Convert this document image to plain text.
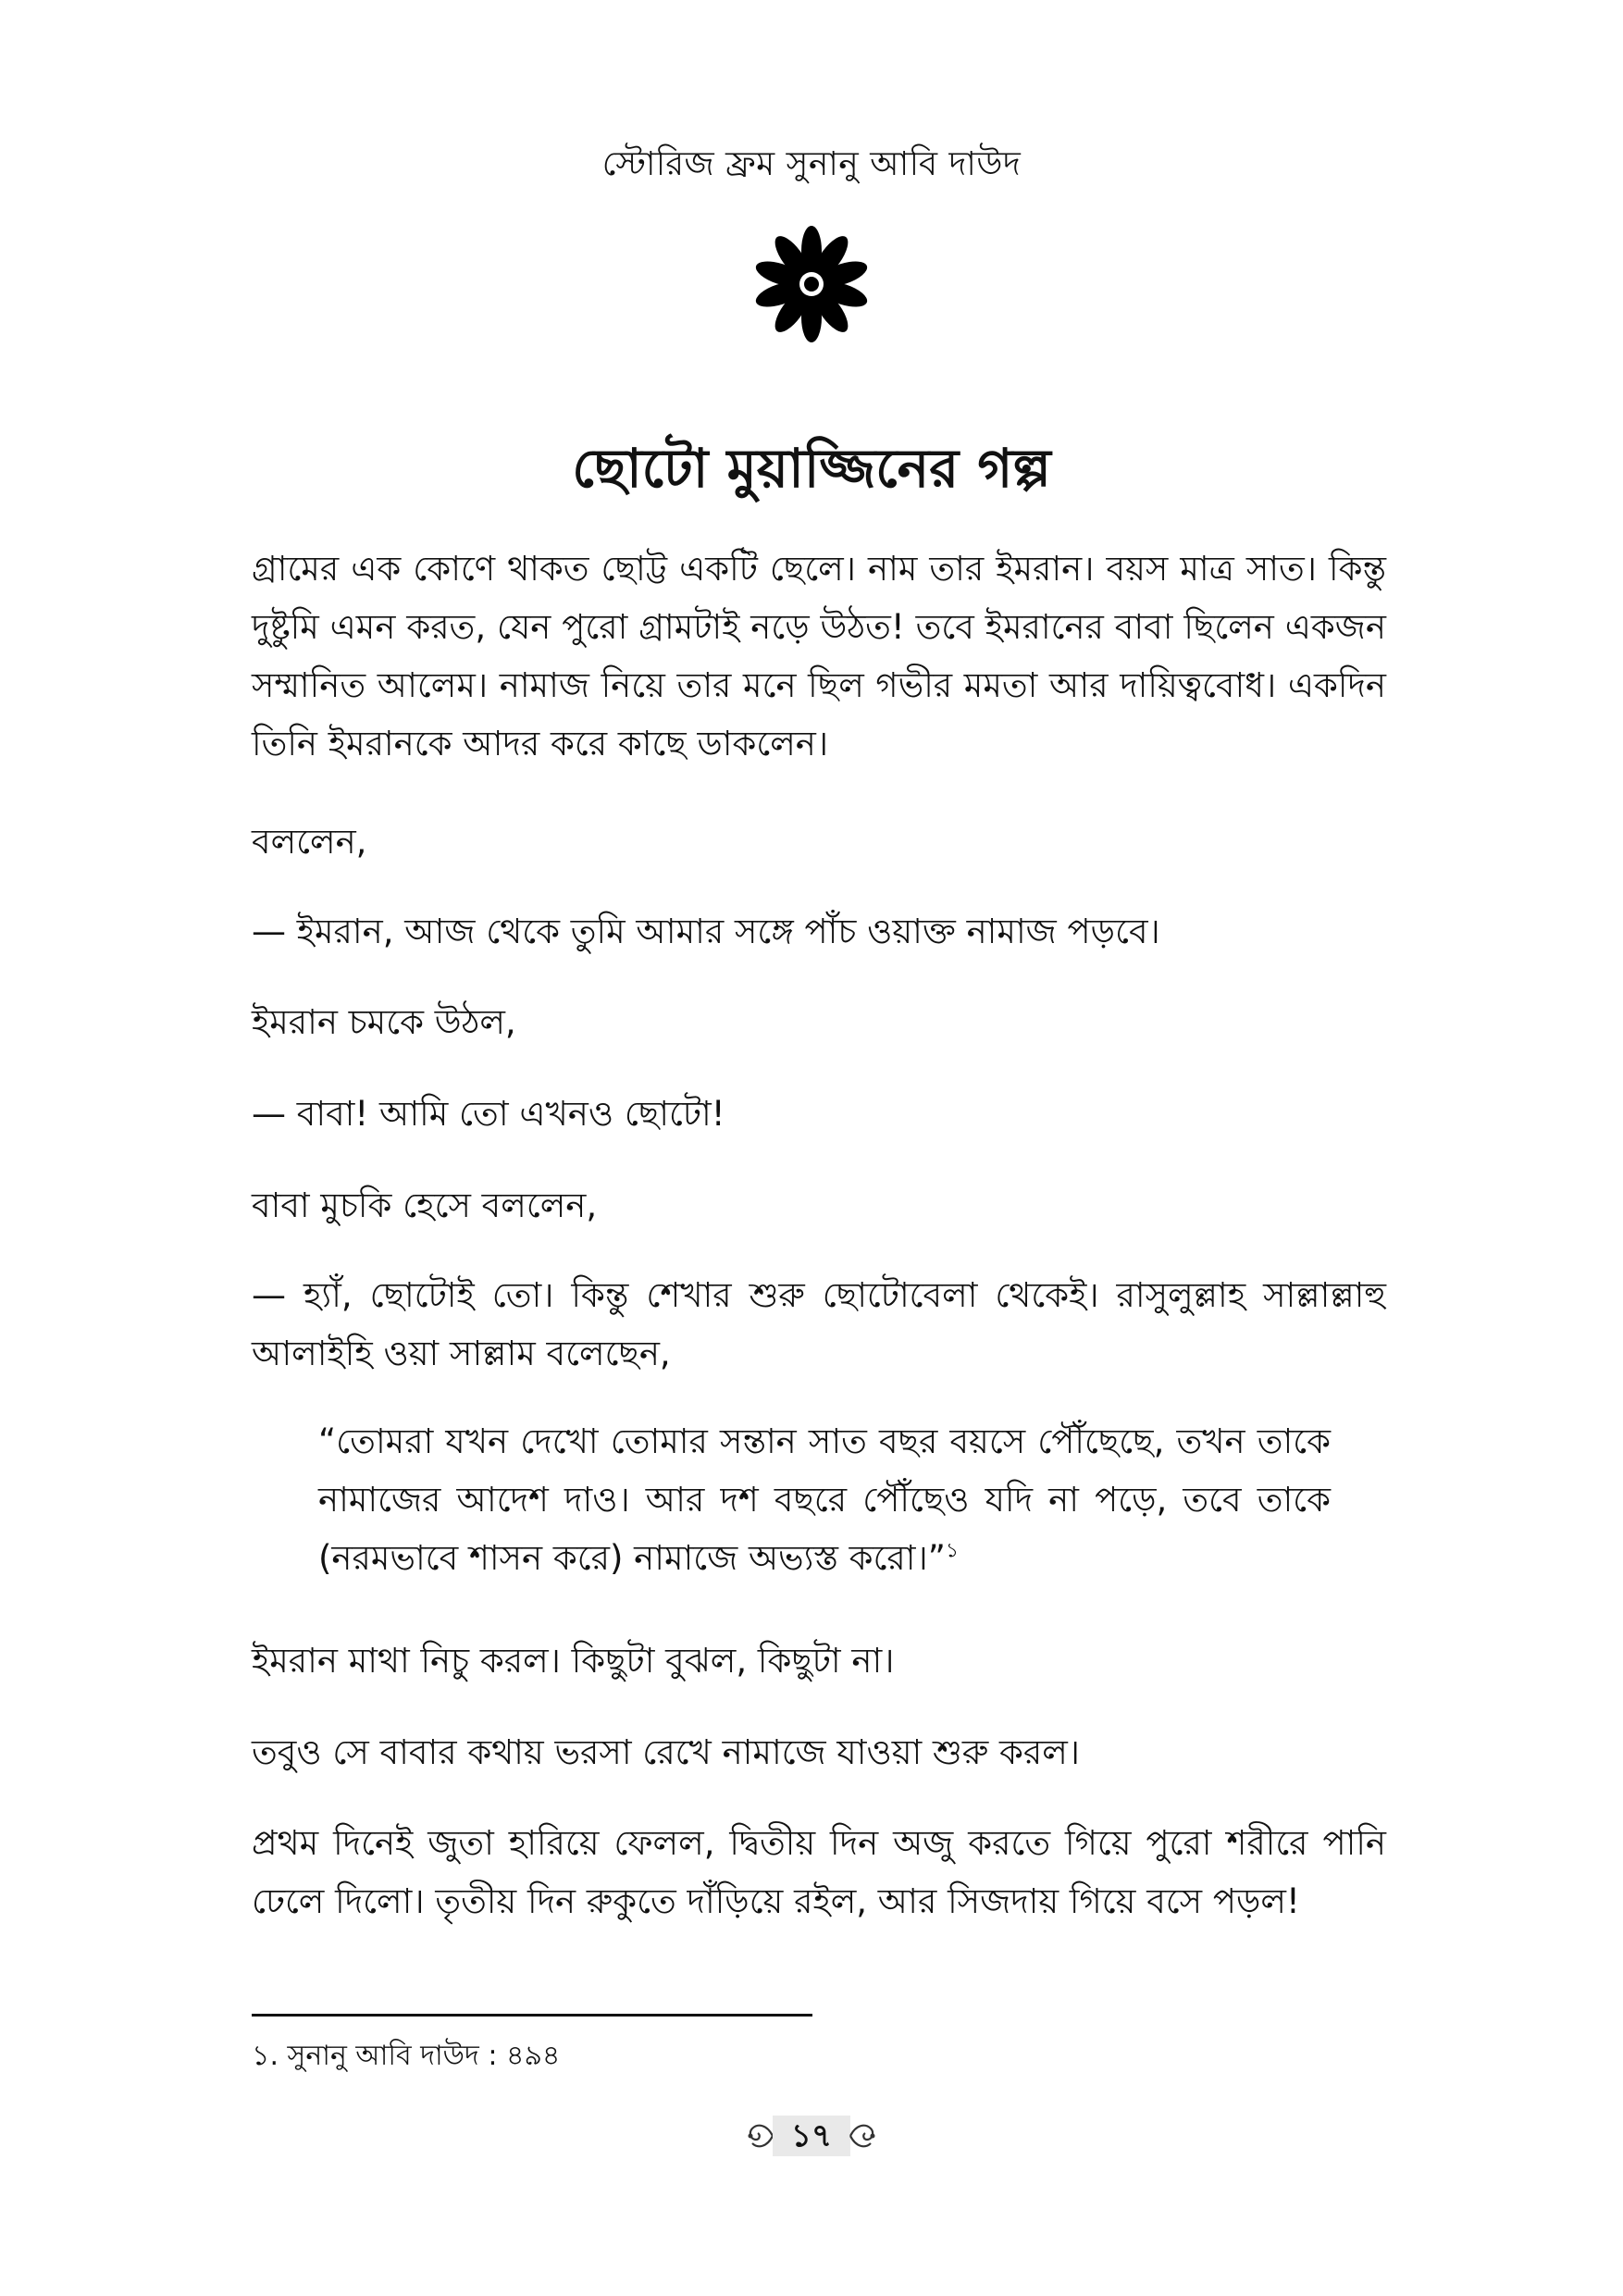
স্টোরিজ ফ্রম সুনানু আবি দাউদ
ছোটো মুয়াজ্জিনের গল্প

গ্রামের এক কোণে থাকত ছোট্ট একটি ছেলে। নাম তার ইমরান। বয়স মাত্র সাত। কিন্তু দুষ্টুমি এমন করত, যেন পুরো গ্রামটাই নড়ে উঠত! তবে ইমরানের বাবা ছিলেন একজন সম্মানিত আলেম। নামাজ নিয়ে তার মনে ছিল গভীর মমতা আর দায়িত্ববোধ। একদিন তিনি ইমরানকে আদর করে কাছে ডাকলেন।

বললেন,

— ইমরান, আজ থেকে তুমি আমার সঙ্গে পাঁচ ওয়াক্ত নামাজ পড়বে।

ইমরান চমকে উঠল,

— বাবা! আমি তো এখনও ছোটো!

বাবা মুচকি হেসে বললেন,

— হ্যাঁ, ছোটোই তো। কিন্তু শেখার শুরু ছোটোবেলা থেকেই। রাসুলুল্লাহ সাল্লাল্লাহু আলাইহি ওয়া সাল্লাম বলেছেন,

“তোমরা যখন দেখো তোমার সন্তান সাত বছর বয়সে পৌঁছেছে, তখন তাকে নামাজের আদেশ দাও। আর দশ বছরে পৌঁছেও যদি না পড়ে, তবে তাকে (নরমভাবে শাসন করে) নামাজে অভ্যস্ত করো।”$^১$

ইমরান মাথা নিচু করল। কিছুটা বুঝল, কিছুটা না।

তবুও সে বাবার কথায় ভরসা রেখে নামাজে যাওয়া শুরু করল।

প্রথম দিনেই জুতা হারিয়ে ফেলল, দ্বিতীয় দিন অজু করতে গিয়ে পুরো শরীরে পানি ঢেলে দিলো। তৃতীয় দিন রুকুতে দাঁড়িয়ে রইল, আর সিজদায় গিয়ে বসে পড়ল!

১. সুনানু আবি দাউদ : ৪৯৪
১৭
